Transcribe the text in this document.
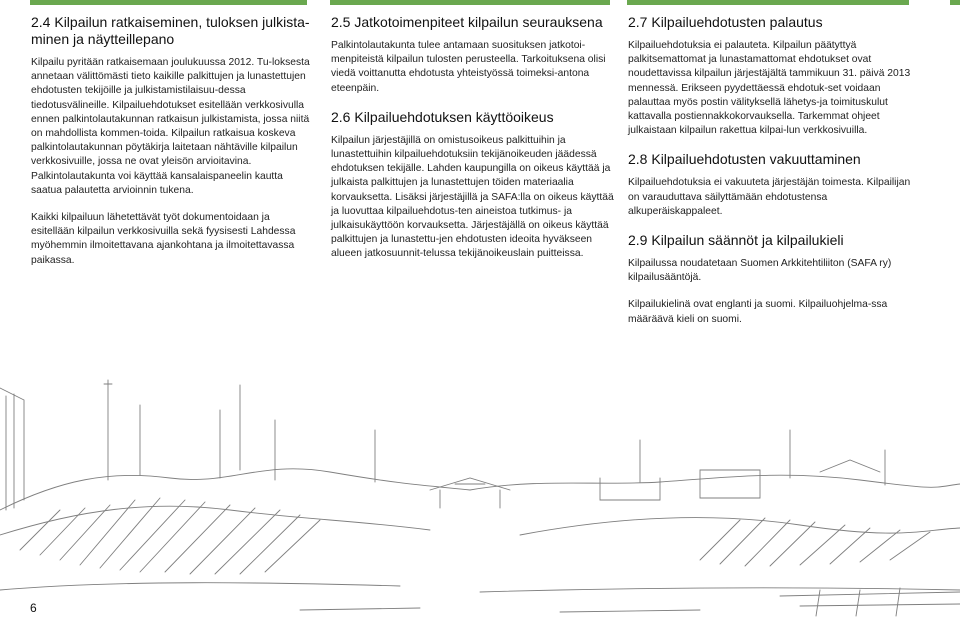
2.4 Kilpailun ratkaiseminen, tuloksen julkista-minen ja näytteillepano

Kilpailu pyritään ratkaisemaan joulukuussa 2012. Tu-loksesta annetaan välittömästi tieto kaikille palkittujen ja lunastettujen ehdotusten tekijöille ja julkistamistilaisuu-dessa tiedotusvälineille. Kilpailuehdotukset esitellään verkkosivulla ennen palkintolautakunnan ratkaisun julkistamista, jossa niitä on mahdollista kommen-toida. Kilpailun ratkaisua koskeva palkintolautakunnan pöytäkirja laitetaan nähtäville kilpailun verkkosivuille, jossa ne ovat yleisön arvioitavina. Palkintolautakunta voi käyttää kansalaispaneelin kautta saatua palautetta arvioinnin tukena.

Kaikki kilpailuun lähetettävät työt dokumentoidaan ja esitellään kilpailun verkkosivuilla sekä fyysisesti Lahdessa myöhemmin ilmoitettavana ajankohtana ja ilmoitettavassa paikassa.

2.5 Jatkotoimenpiteet kilpailun seurauksena

Palkintolautakunta tulee antamaan suosituksen jatkotoi-menpiteistä kilpailun tulosten perusteella. Tarkoituksena olisi viedä voittanutta ehdotusta yhteistyössä toimeksi-antona eteenpäin.

2.6 Kilpailuehdotuksen käyttöoikeus

Kilpailun järjestäjillä on omistusoikeus palkittuihin ja lunastettuihin kilpailuehdotuksiin tekijänoikeuden jäädessä ehdotuksen tekijälle. Lahden kaupungilla on oikeus käyttää ja julkaista palkittujen ja lunastettujen töiden materiaalia korvauksetta. Lisäksi järjestäjillä ja SAFA:lla on oikeus käyttää ja luovuttaa kilpailuehdotus-ten aineistoa tutkimus- ja julkaisukäyttöön korvauksetta. Järjestäjällä on oikeus käyttää palkittujen ja lunastettu-jen ehdotusten ideoita hyväkseen alueen jatkosuunnit-telussa tekijänoikeuslain puitteissa.

2.7 Kilpailuehdotusten palautus

Kilpailuehdotuksia ei palauteta. Kilpailun päätyttyä palkitsemattomat ja lunastamattomat ehdotukset ovat noudettavissa kilpailun järjestäjältä tammikuun 31. päivä 2013 mennessä. Erikseen pyydettäessä ehdotuk-set voidaan palauttaa myös postin välityksellä lähetys-ja toimituskulut kattavalla postiennakkokorvauksella. Tarkemmat ohjeet julkaistaan kilpailun rakettua kilpai-lun verkkosivuilla.

2.8 Kilpailuehdotusten vakuuttaminen

Kilpailuehdotuksia ei vakuuteta järjestäjän toimesta. Kilpailijan on varauduttava säilyttämään ehdotustensa alkuperäiskappaleet.

2.9 Kilpailun säännöt ja kilpailukieli

Kilpailussa noudatetaan Suomen Arkkitehtiliiton (SAFA ry) kilpailusääntöjä.

Kilpailukielinä ovat englanti ja suomi. Kilpailuohjelma-ssa määräävä kieli on suomi.

6
